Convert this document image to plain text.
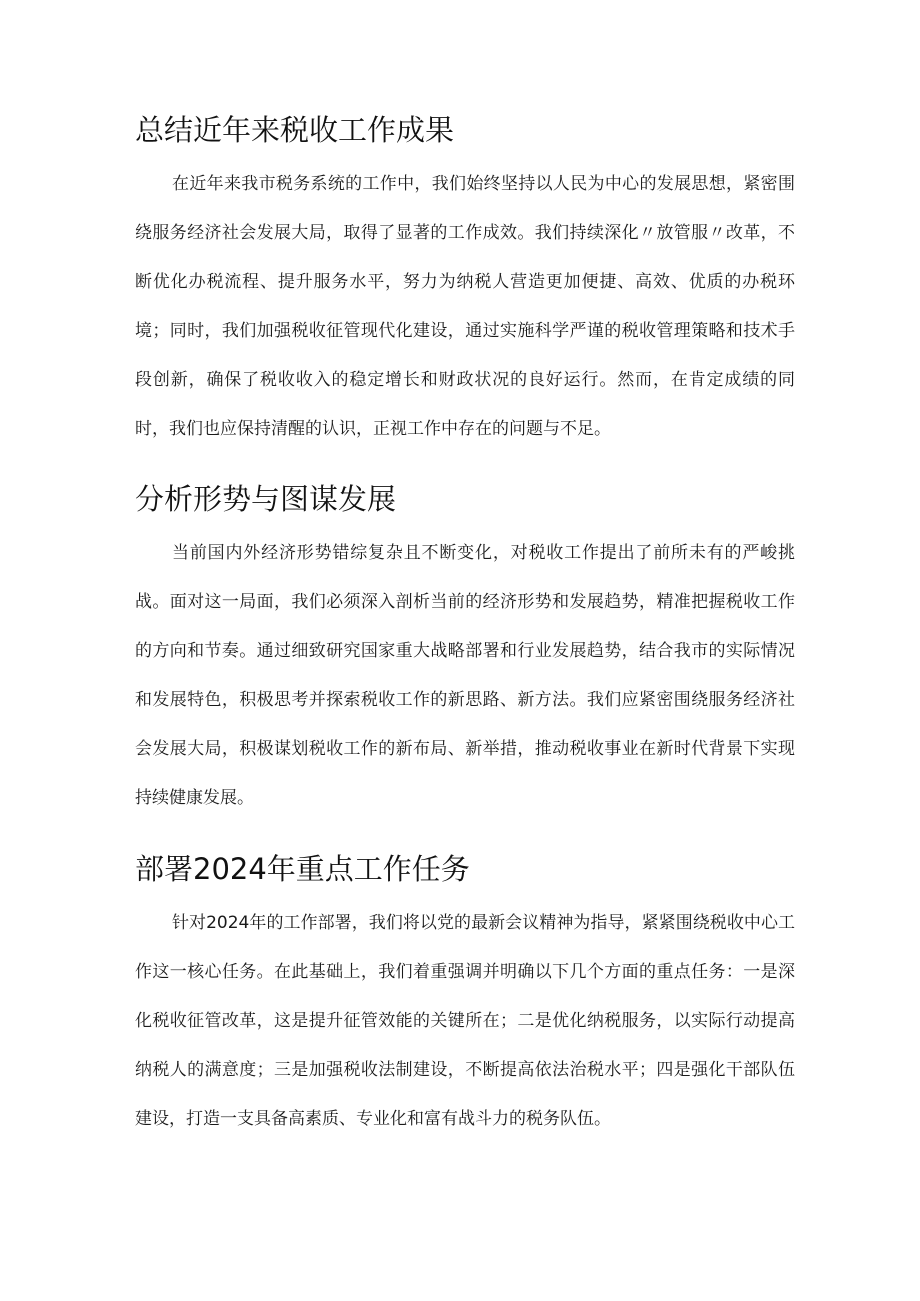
总结近年来税收工作成果

在近年来我市税务系统的工作中，我们始终坚持以人民为中心的发展思想，紧密围绕服务经济社会发展大局，取得了显著的工作成效。我们持续深化〃放管服〃改革，不断优化办税流程、提升服务水平，努力为纳税人营造更加便捷、高效、优质的办税环境；同时，我们加强税收征管现代化建设，通过实施科学严谨的税收管理策略和技术手段创新，确保了税收收入的稳定增长和财政状况的良好运行。然而，在肯定成绩的同时，我们也应保持清醒的认识，正视工作中存在的问题与不足。

分析形势与图谋发展

当前国内外经济形势错综复杂且不断变化，对税收工作提出了前所未有的严峻挑战。面对这一局面，我们必须深入剖析当前的经济形势和发展趋势，精准把握税收工作的方向和节奏。通过细致研究国家重大战略部署和行业发展趋势，结合我市的实际情况和发展特色，积极思考并探索税收工作的新思路、新方法。我们应紧密围绕服务经济社会发展大局，积极谋划税收工作的新布局、新举措，推动税收事业在新时代背景下实现持续健康发展。

部署2024年重点工作任务

针对2024年的工作部署，我们将以党的最新会议精神为指导，紧紧围绕税收中心工作这一核心任务。在此基础上，我们着重强调并明确以下几个方面的重点任务：一是深化税收征管改革，这是提升征管效能的关键所在；二是优化纳税服务，以实际行动提高纳税人的满意度；三是加强税收法制建设，不断提高依法治税水平；四是强化干部队伍建设，打造一支具备高素质、专业化和富有战斗力的税务队伍。
